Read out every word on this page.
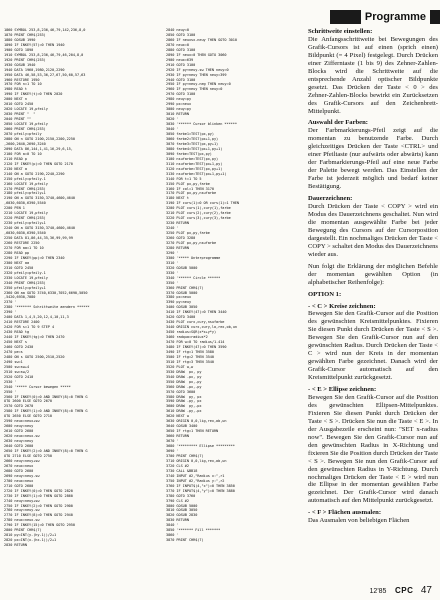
Programme
1860 SYMBOL 253,8,236,46,79,142,236,8,0
1870 PRINT CHR$(253)
1880 GOSUB 1990
1890 IF INKEY(57)=0 THEN 1940
1900 GOTO 1890
1910 SYMBOL 253,8,236,46,79,46,204,8,0
1920 PRINT CHR$(253)
1930 GOSUB 1940
1940 DATA 1960,1980,2120,2290
1950 DATA 46,58,53,36,27,67,50,60,57,63
1960 RESTORE 1950
1970 FOR n=1 TO 10
1980 READ t
1990 IF INKEY(t)=0 THEN 2020
2000 NEXT n
2010 GOTO 2450
2020 LOCATE 19,pfeily
2030 PRINT "  "
2040 PRINT ""
2050 LOCATE 19,pfeily
2060 PRINT CHR$(253)
2070 pfeily=pfeily
2080 ON n GOTO 2100,2150,2200,2250
,2600,2640,2690,3240
2090 DATA 86,144,1,41,16,29,6,15,
2100 FOR a=0 TO 10
2110 READ p
2120 IF INKEY(p)=0 THEN GOTO 2170
2130 NEXT a
2140 ON a GOTO 2190,2240,2290
2150 pfeily=pfeily-1
2160 LOCATE 19,pfeily
2170 PRINT CHR$(253)
2180 pfeily=pfeily+1
2190 ON a GOTO 3150,3740,4600,4640
,6030,6030,6390,5540
2200 PEN 1
2210 LOCATE 19,pfeily
2220 PRINT CHR$(253)
2230 pfeily=pfeily+1
2240 ON a GOTO 3150,3740,4600,4640
,6030,6030,6390,5540
2250 DATA 81,86,44,35,36,99,99,99
2260 RESTORE 2250
2270 FOR aa=1 TO 10
2280 READ pp
2290 IF INKEY(pp)=0 THEN 2340
2300 NEXT aa
2310 GOTO 2450
2320 pfeily=pfeily-1
2330 LOCATE 19,pfeily
2340 PRINT CHR$(253)
2350 pfeily=pfeily+1
2360 ON aa GOTO 3740,6330,7052,6690,5050
,5420,6930,7080
2370 '
2380 '******* Schrittweite aendern ******
2390 '
2400 DATA 1,4,5,20,12,4,10,11,3
2410 RESTORE 2400
2420 FOR s=1 TO 9 STEP 4
2430 READ tg
2440 IF INKEY(tg)=0 THEN 2470
2450 NEXT s
2460 GOTO 2430
2470 pe=s
2480 ON s GOTO 2500,2510,2520
2490 sw=1
2500 sw=sw+4
2510 sw=sw/2
2520 GOTO 2410
2530 '
2540 '***** Cursor bewegen *****
2550 '
2560 IF INKEY(0)=0 AND INKEY(8)=0 THEN G
OTO 2600 ELSE GOTO 2670
2570 GOTO 2670
2580 IF INKEY(1)=0 AND INKEY(8)=0 THEN G
OTO 2650 ELSE GOTO 2710
2590 neux=neux+sw
2600 neuy=neuy
2610 GOTO 2600
2620 neux=neux-sw
2630 neuy=neuy
2640 GOTO 2600
2650 IF INKEY(2)=0 AND INKEY(8)=0 THEN G
OTO 2710 ELSE GOTO 2750
2660 neuy=neuy+sw
2670 neux=neux
2680 GOTO 2600
2690 neuy=neuy-sw
2700 neux=neux
2710 GOTO 2600
2720 IF INKEY(0)=0 THEN GOTO 2820
2730 IF INKEY(1)=0 THEN GOTO 2860
2740 neuy=neuy+sw
2750 IF INKEY(2)=0 THEN GOTO 2900
2760 neuy=neuy-sw
2770 IF INKEY(8)=0 THEN GOTO 2940
2780 neux=neux-sw
2790 IF INKEY(15)=0 THEN GOTO 2950
2800 PRINT CHR$(7)
2810 py=INT(y-(hy-1))/2+1
2820 px=INT(x-(hx-1))/2+1
2830 RETURN
2840 neuy=0
2850 GOTO 3100
2860 IF neuxsx-neuy THEN GOTO 3010
2870 neux=0
2880 GOTO 3100
2890 IF neux=0 THEN GOTO 3060
2900 neux=639
2910 GOTO 3100
2920 IF py<neuy-sw THEN neuy=0
2930 IF py>neuy THEN neuy=399
2940 GOTO 3100
2950 IF py<neuy-neg THEN neuy=0
2960 IF py<neuy THEN neuy=0
2970 GOTO 3100
2980 neuy=py
2990 px=neux
3000 neuy=py
3010 RETURN
3020 '
3030 '****** Cursor blinken ******
3040 '
3050 farbe1=TEST(px,py)
3060 farbe2=TEST(px+1,py)
3070 farbe3=TEST(px,py+1)
3080 farbe4=TEST(px+1,py+1)
3090 farbe=TEST(px,py)
3100 nsufarbe=TEST(px,py)
3110 nsufarbe=TEST(px+1,py)
3120 nsufarbe=TEST(px,py+1)
3130 nsufarbe=TEST(px+1,py+1)
3140 FOR t=1 TO 5
3150 PLOT px,py,farbe
3160 IF col=1 THEN 3170
3170 PLOT px,py,nsufarbe
3180 NEXT t
3190 IF curs(1)=0 OR curs(1)=1 THEN
3200 PLOT curs(1),cury(1),farbe
3210 PLOT curs(2),cury(2),farbe
3220 PLOT curs(3),cury(3),farbe
3230 RETURN
3240 '
3250 PLOT px,py,farbe
3260 GOTO 3280
3270 PLOT px,py,nsufarbe
3280 RETURN
3290 '
3300 '***** Unterprogramme
3310 '
3320 GOSUB 5000
3330 '
3340 '****** Circle ******
3350 '
3360 PRINT CHR$(7)
3370 GOSUB 5000
3380 px=neux
3390 py=neuy
3400 GOSUB 3050
3410 IF INKEY(47)=0 THEN 3440
3420 GOTO 3400
3430 PLOT curx,cury,nsufarbe
3440 ORIGIN curx,cury,lo,rex,ob,un
3450 radius=SQR(x*x+y*y)
3460 radqua=radius*2
3470 FOR w=0 TO radius/1.414
3480 IF INKEY(47)=0 THEN 3590
3490 IF rtg=1 THEN 3580
3500 IF rtg=2 THEN 3540
3510 IF rtg=3 THEN 3540
3520 PLOT w,w
3530 DRAW  px, py
3540 DRAW -px, py
3550 DRAW  px,-py
3560 DRAW -px,-py
3570 GOTO 3600
3580 DRAW  py, px
3590 DRAW -py, px
3600 DRAW  py,-px
3610 DRAW -py,-px
3620 NEXT w
3630 ORIGIN 0,0,lig,rex,ob,un
3640 GOSUB 3400
3650 IF rtg=1 THEN RETURN
3660 RETURN
3670 '
3680 '********* Ellipse *********
3690 '
3700 PRINT CHR$(7)
3710 ORIGIN 0,0,lig,rex,ob,un
3720 CLS #2
3730 CALL &BB18
3740 INPUT #2,"Radius x:",r1
3750 INPUT #2,"Radius y:",r2
3760 IF INPUT$(4,"x")=0 THEN 3850
3770 IF INPUT$(4,"y")=0 THEN 3880
3780 GOTO 3760
3790 CLS #2
3800 GOSUB 5000
3810 GOSUB 3050
3820 GOSUB 2830
3830 RETURN
3840 '
3850 '******* Fill *******
3860 '
3870 PRINT CHR$(7)

Schrittweite einstellen:

Die Anfangsschrittweite bei Bewegungen des Grafik-Cursors ist auf einen (sprich einen) Bildpunkt (= 4 Pixel) festgelegt. Durch Drücken einer Zifferntaste (1 bis 9) des Zehner-Zahlen-Blocks wird die Schrittweite auf die entsprechende Anzahl optischer Bildpunkte gesetzt. Das Drücken der Taste < 0 > des Zehner-Zahlen-Blocks bewirkt ein Zurücksetzen des Grafik-Cursors auf den Zeichenbrett-Mittelpunkt.

Auswahl der Farben:

Der Farbmarkierungs-Pfeil zeigt auf die momentan zu benutzende Farbe. Durch gleichzeitiges Drücken der Taste <CTRL> und einer Pfeiltaste (nur aufwärts oder abwärts) kann der Farbmarkierungs-Pfeil auf eine neue Farbe der Palette bewegt werden. Das Einstellen der Farbe ist jederzeit möglich und bedarf keiner Bestätigung.

Dauerzeichnen:

Durch Drücken der Taste < COPY > wird ein Modus des Dauerzeichnens geschaltet. Nun wird die momentan ausgewählte Farbe bei jeder Bewegung des Cursors auf der Cursorposition dargestellt. Ein nochmaliges Drücken der Taste < COPY > schaltet den Modus des Dauerzeichnens wieder aus.

Nun folgt die Erklärung der möglichen Befehle der momentan gewählten Option (in alphabetischer Reihenfolge):

OPTION 1:

- < C > Kreise zeichnen:

Bewegen Sie den Grafik-Cursor auf die Position des gewünschten Kreismittelpunktes. Fixieren Sie diesen Punkt durch Drücken der Taste < S >. Bewegen Sie den Grafik-Cursor nun auf den gewünschten Radius. Durch Drücken der Taste < C > wird nun der Kreis in der momentan gewählten Farbe gezeichnet. Danach wird der Grafik-Cursor automatisch auf den Kreismittelpunkt zurückgesetzt.

- < E > Ellipse zeichnen:

Bewegen Sie den Grafik-Cursor auf die Position des gewünschten Ellipsen-Mittelpunktes. Fixieren Sie diesen Punkt durch Drücken der Taste < S >. Drücken Sie nun die Taste < E >. In der Ausgabezeile erscheint nun: "SET x-radius now". Bewegen Sie den Grafik-Cursor nun auf den gewünschten Radius in X-Richtung und fixieren Sie die Position durch Drücken der Taste < S >. Bewegen Sie nun den Grafik-Cursor auf den gewünschten Radius in Y-Richtung. Durch nochmaliges Drücken der Taste < E > wird nun die Ellipse in der momentan gewählten Farbe gezeichnet. Der Grafik-Cursor wird danach automatisch auf den Mittelpunkt zurückgesetzt.

- < F > Flächen ausmalen:

Das Ausmalen von beliebigen Flächen

12'85 CPC 47
